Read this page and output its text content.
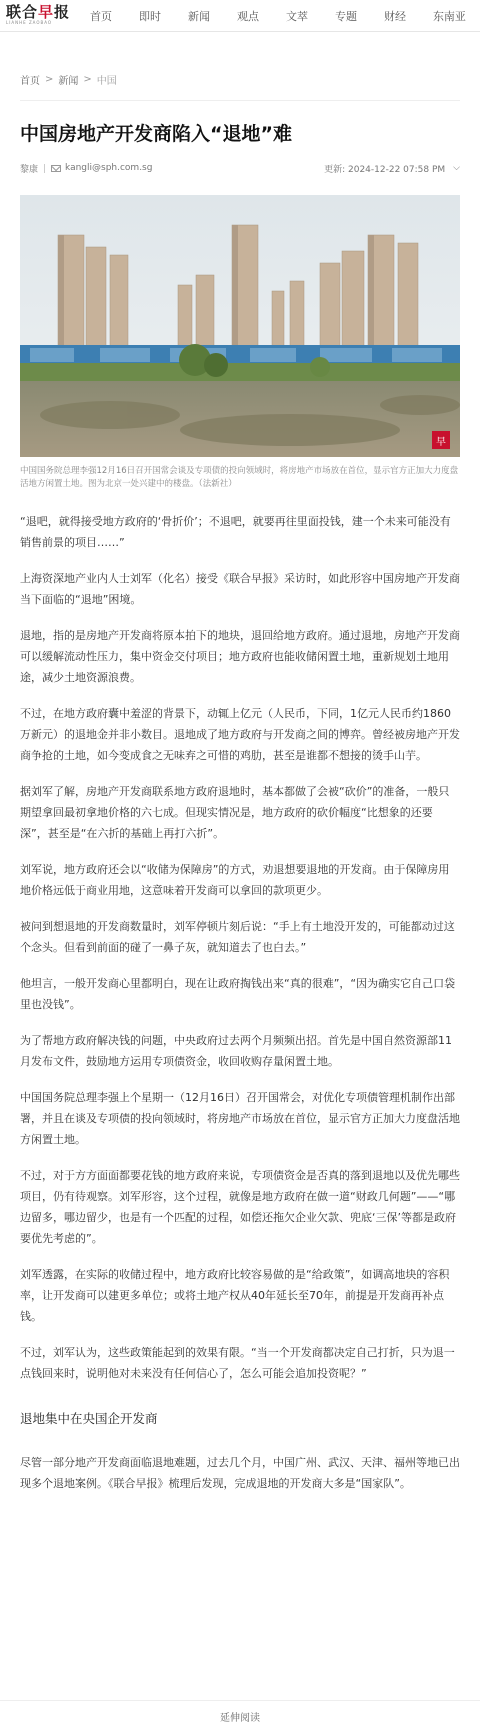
联合早报
LIANHE ZAOBAO	首页 即时 新闻 观点 文萃 专题 财经 东南亚
首页 > 新闻 > 中国
中国房地产开发商陷入“退地”难
黎康	kangli@sph.com.sg	更新: 2024-12-22 07:58 PM ⌵
早
中国国务院总理李强12月16日召开国常会谈及专项债的投向领域时，将房地产市场放在首位，显示官方正加大力度盘活地方闲置土地。图为北京一处兴建中的楼盘。（法新社）

“退吧，就得接受地方政府的‘骨折价’；不退吧，就要再往里面投钱，建一个未来可能没有销售前景的项目……”

上海资深地产业内人士刘军（化名）接受《联合早报》采访时，如此形容中国房地产开发商当下面临的“退地”困境。

退地，指的是房地产开发商将原本拍下的地块，退回给地方政府。通过退地，房地产开发商可以缓解流动性压力，集中资金交付项目；地方政府也能收储闲置土地，重新规划土地用途，减少土地资源浪费。

不过，在地方政府囊中羞涩的背景下，动辄上亿元（人民币，下同，1亿元人民币约1860万新元）的退地金并非小数目。退地成了地方政府与开发商之间的博弈。曾经被房地产开发商争抢的土地，如今变成食之无味弃之可惜的鸡肋，甚至是谁都不想接的烫手山芋。

据刘军了解，房地产开发商联系地方政府退地时，基本都做了会被“砍价”的准备，一般只期望拿回最初拿地价格的六七成。但现实情况是，地方政府的砍价幅度“比想象的还要深”，甚至是“在六折的基础上再打六折”。

刘军说，地方政府还会以“收储为保障房”的方式，劝退想要退地的开发商。由于保障房用地价格远低于商业用地，这意味着开发商可以拿回的款项更少。

被问到想退地的开发商数量时，刘军停顿片刻后说：“手上有土地没开发的，可能都动过这个念头。但看到前面的碰了一鼻子灰，就知道去了也白去。”

他坦言，一般开发商心里都明白，现在让政府掏钱出来“真的很难”，“因为确实它自己口袋里也没钱”。

为了帮地方政府解决钱的问题，中央政府过去两个月频频出招。首先是中国自然资源部11月发布文件，鼓励地方运用专项债资金，收回收购存量闲置土地。

中国国务院总理李强上个星期一（12月16日）召开国常会，对优化专项债管理机制作出部署，并且在谈及专项债的投向领域时，将房地产市场放在首位，显示官方正加大力度盘活地方闲置土地。

不过，对于方方面面都要花钱的地方政府来说，专项债资金是否真的落到退地以及优先哪些项目，仍有待观察。刘军形容，这个过程，就像是地方政府在做一道“财政几何题”——“哪边留多，哪边留少，也是有一个匹配的过程，如偿还拖欠企业欠款、兜底‘三保’等都是政府要优先考虑的”。

刘军透露，在实际的收储过程中，地方政府比较容易做的是“给政策”，如调高地块的容积率，让开发商可以建更多单位；或将土地产权从40年延长至70年，前提是开发商再补点钱。

不过，刘军认为，这些政策能起到的效果有限。“当一个开发商都决定自己打折，只为退一点钱回来时，说明他对未来没有任何信心了，怎么可能会追加投资呢？”

退地集中在央国企开发商

尽管一部分地产开发商面临退地难题，过去几个月，中国广州、武汉、天津、福州等地已出现多个退地案例。《联合早报》梳理后发现，完成退地的开发商大多是“国家队”。

延伸阅读
